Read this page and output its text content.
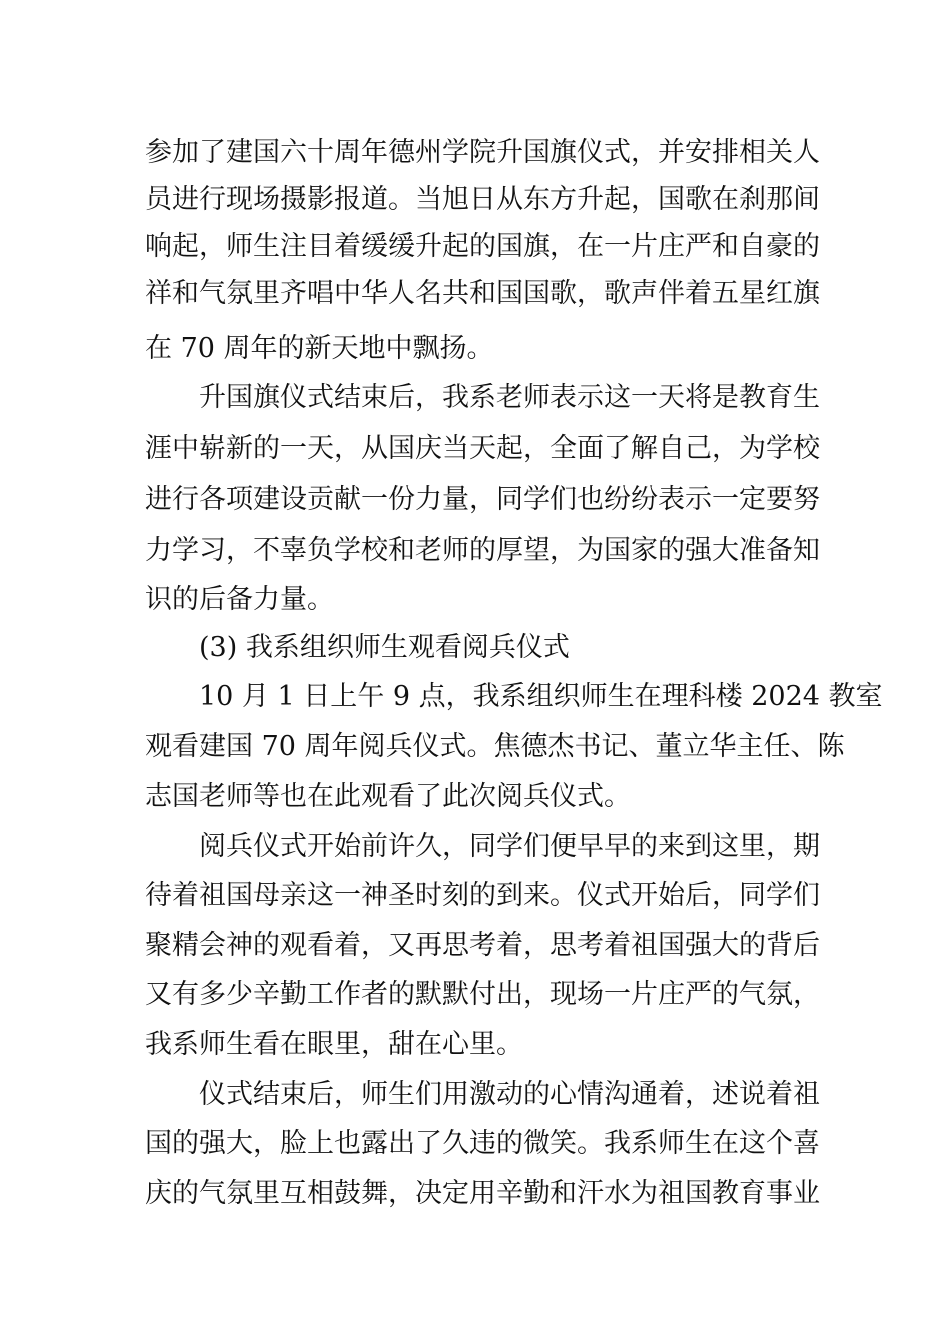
参加了建国六十周年德州学院升国旗仪式，并安排相关人
员进行现场摄影报道。当旭日从东方升起，国歌在刹那间
响起，师生注目着缓缓升起的国旗，在一片庄严和自豪的
祥和气氛里齐唱中华人名共和国国歌，歌声伴着五星红旗
在 70 周年的新天地中飘扬。
升国旗仪式结束后，我系老师表示这一天将是教育生
涯中崭新的一天，从国庆当天起，全面了解自己，为学校
进行各项建设贡献一份力量，同学们也纷纷表示一定要努
力学习，不辜负学校和老师的厚望，为国家的强大准备知
识的后备力量。
(3) 我系组织师生观看阅兵仪式
10 月 1 日上午 9 点，我系组织师生在理科楼 2024 教室
观看建国 70 周年阅兵仪式。焦德杰书记、董立华主任、陈
志国老师等也在此观看了此次阅兵仪式。
阅兵仪式开始前许久，同学们便早早的来到这里，期
待着祖国母亲这一神圣时刻的到来。仪式开始后，同学们
聚精会神的观看着，又再思考着，思考着祖国强大的背后
又有多少辛勤工作者的默默付出，现场一片庄严的气氛，
我系师生看在眼里，甜在心里。
仪式结束后，师生们用激动的心情沟通着，述说着祖
国的强大，脸上也露出了久违的微笑。我系师生在这个喜
庆的气氛里互相鼓舞，决定用辛勤和汗水为祖国教育事业
